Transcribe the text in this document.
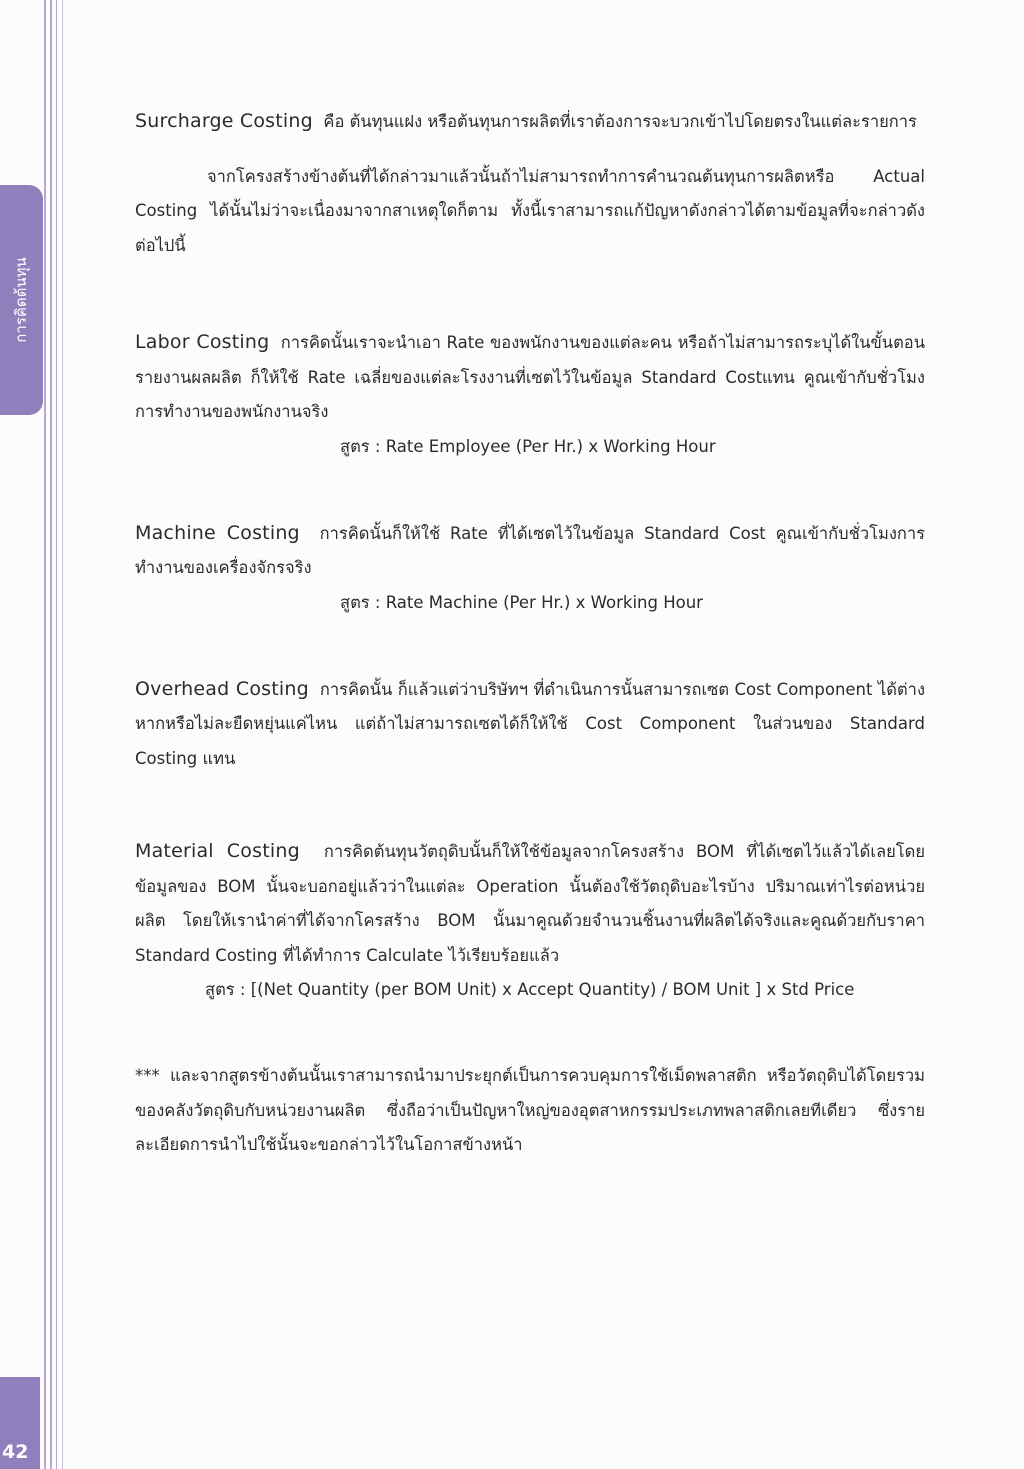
การคิดต้นทุน
42

Surcharge Costing คือ ต้นทุนแฝง หรือต้นทุนการผลิตที่เราต้องการจะบวกเข้าไปโดยตรงในแต่ละรายการ

จากโครงสร้างข้างต้นที่ได้กล่าวมาแล้วนั้นถ้าไม่สามารถทำการคำนวณต้นทุนการผลิตหรือ Actual Costing ได้นั้นไม่ว่าจะเนื่องมาจากสาเหตุใดก็ตาม ทั้งนี้เราสามารถแก้ปัญหาดังกล่าวได้ตามข้อมูลที่จะกล่าวดังต่อไปนี้

Labor Costing การคิดนั้นเราจะนำเอา Rate ของพนักงานของแต่ละคน หรือถ้าไม่สามารถระบุได้ในขั้นตอนรายงานผลผลิต ก็ให้ใช้ Rate เฉลี่ยของแต่ละโรงงานที่เซตไว้ในข้อมูล Standard Costแทน คูณเข้ากับชั่วโมงการทำงานของพนักงานจริง

สูตร : Rate Employee (Per Hr.) x Working Hour

Machine Costing การคิดนั้นก็ให้ใช้ Rate ที่ได้เซตไว้ในข้อมูล Standard Cost คูณเข้ากับชั่วโมงการทำงานของเครื่องจักรจริง

สูตร : Rate Machine (Per Hr.) x Working Hour

Overhead Costing การคิดนั้น ก็แล้วแต่ว่าบริษัทฯ ที่ดำเนินการนั้นสามารถเซต Cost Component ได้ต่างหากหรือไม่ละยืดหยุ่นแค่ไหน แต่ถ้าไม่สามารถเซตได้ก็ให้ใช้ Cost Component ในส่วนของ Standard Costing แทน

Material Costing การคิดต้นทุนวัตถุดิบนั้นก็ให้ใช้ข้อมูลจากโครงสร้าง BOM ที่ได้เซตไว้แล้วได้เลยโดยข้อมูลของ BOM นั้นจะบอกอยู่แล้วว่าในแต่ละ Operation นั้นต้องใช้วัตถุดิบอะไรบ้าง ปริมาณเท่าไรต่อหน่วยผลิต โดยให้เรานำค่าที่ได้จากโครสร้าง BOM นั้นมาคูณด้วยจำนวนชิ้นงานที่ผลิตได้จริงและคูณด้วยกับราคา Standard Costing ที่ได้ทำการ Calculate ไว้เรียบร้อยแล้ว

สูตร : [(Net Quantity (per BOM Unit) x Accept Quantity) / BOM Unit ] x Std Price

*** และจากสูตรข้างต้นนั้นเราสามารถนำมาประยุกต์เป็นการควบคุมการใช้เม็ดพลาสติก หรือวัตถุดิบได้โดยรวมของคลังวัตถุดิบกับหน่วยงานผลิต ซึ่งถือว่าเป็นปัญหาใหญ่ของอุตสาหกรรมประเภทพลาสติกเลยทีเดียว ซึ่งรายละเอียดการนำไปใช้นั้นจะขอกล่าวไว้ในโอกาสข้างหน้า
